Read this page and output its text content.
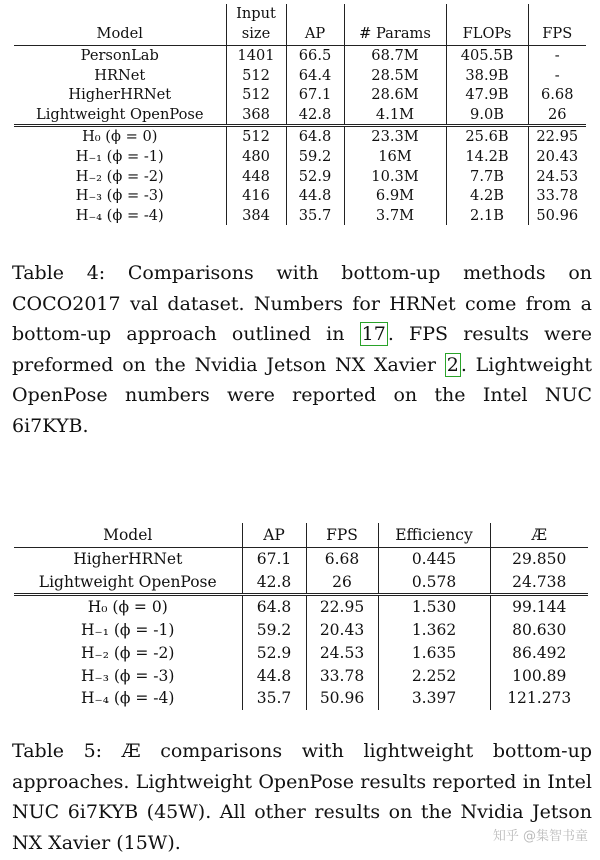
	Input				
Model	size	AP	# Params	FLOPs	FPS
PersonLab	1401	66.5	68.7M	405.5B	-
HRNet	512	64.4	28.5M	38.9B	-
HigherHRNet	512	67.1	28.6M	47.9B	6.68
Lightweight OpenPose	368	42.8	4.1M	9.0B	26
H₀ (ϕ = 0)	512	64.8	23.3M	25.6B	22.95
H₋₁ (ϕ = -1)	480	59.2	16M	14.2B	20.43
H₋₂ (ϕ = -2)	448	52.9	10.3M	7.7B	24.53
H₋₃ (ϕ = -3)	416	44.8	6.9M	4.2B	33.78
H₋₄ (ϕ = -4)	384	35.7	3.7M	2.1B	50.96

Table 4: Comparisons with bottom-up methods on COCO2017 val dataset. Numbers for HRNet come from a bottom-up approach outlined in 17 . FPS results were preformed on the Nvidia Jetson NX Xavier 2 . Lightweight OpenPose numbers were reported on the Intel NUC 6i7KYB.

Model	AP	FPS	Efficiency	Æ
HigherHRNet	67.1	6.68	0.445	29.850
Lightweight OpenPose	42.8	26	0.578	24.738
H₀ (ϕ = 0)	64.8	22.95	1.530	99.144
H₋₁ (ϕ = -1)	59.2	20.43	1.362	80.630
H₋₂ (ϕ = -2)	52.9	24.53	1.635	86.492
H₋₃ (ϕ = -3)	44.8	33.78	2.252	100.89
H₋₄ (ϕ = -4)	35.7	50.96	3.397	121.273

Table 5: Æ comparisons with lightweight bottom-up approaches. Lightweight OpenPose results reported in Intel NUC 6i7KYB (45W). All other results on the Nvidia Jetson NX Xavier (15W).	知乎 @集智书童
